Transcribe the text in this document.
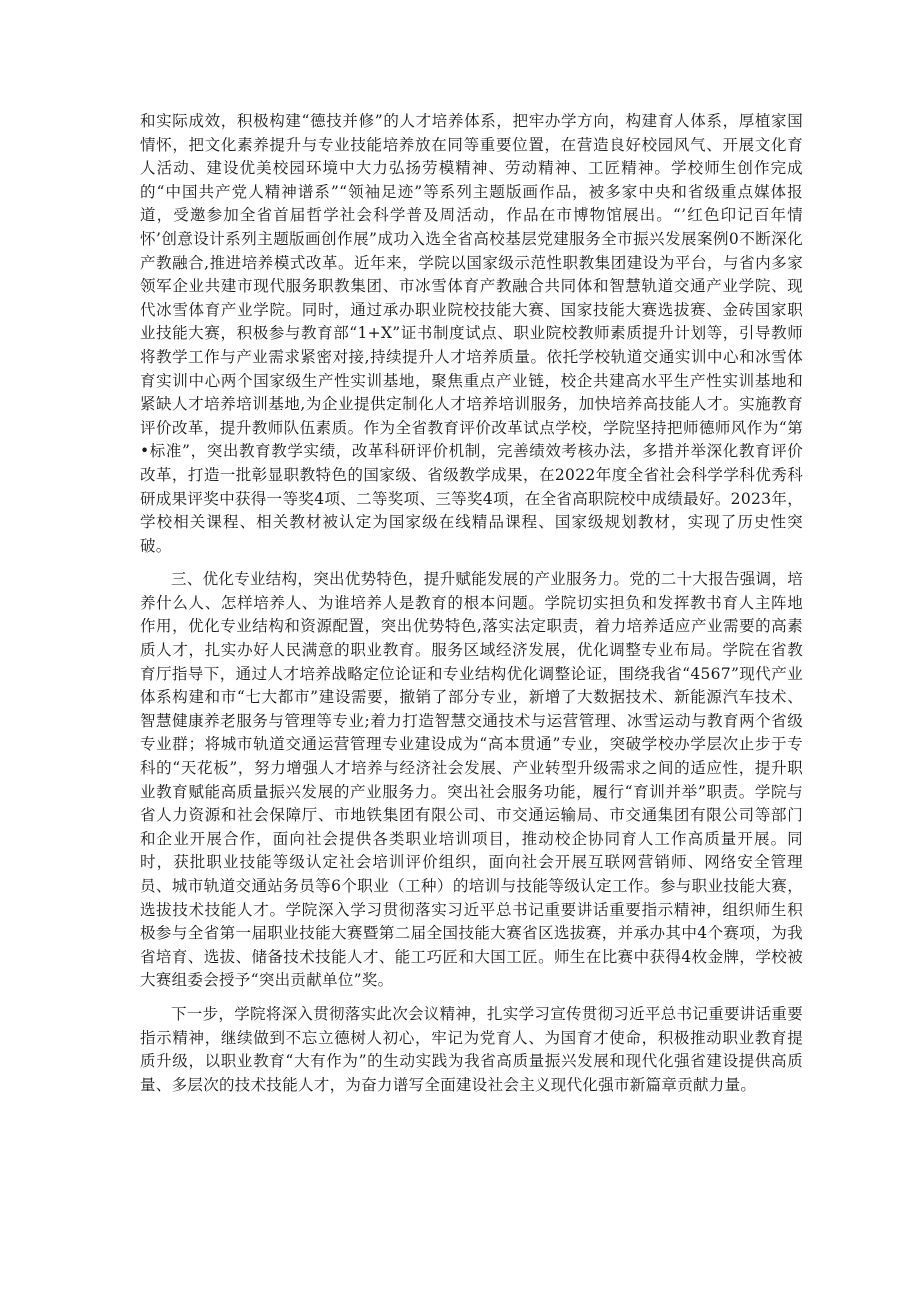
和实际成效，积极构建“德技并修”的人才培养体系，把牢办学方向，构建育人体系，厚植家国情怀，把文化素养提升与专业技能培养放在同等重要位置，在营造良好校园风气、开展文化育人活动、建设优美校园环境中大力弘扬劳模精神、劳动精神、工匠精神。学校师生创作完成的“中国共产党人精神谱系”“领袖足迹”等系列主题版画作品，被多家中央和省级重点媒体报道，受邀参加全省首届哲学社会科学普及周活动，作品在市博物馆展出。“’红色印记百年情怀’创意设计系列主题版画创作展”成功入选全省高校基层党建服务全市振兴发展案例0不断深化产教融合,推进培养模式改革。近年来，学院以国家级示范性职教集团建设为平台，与省内多家领军企业共建市现代服务职教集团、市冰雪体育产教融合共同体和智慧轨道交通产业学院、现代冰雪体育产业学院。同时，通过承办职业院校技能大赛、国家技能大赛选拔赛、金砖国家职业技能大赛，积极参与教育部“1+X”证书制度试点、职业院校教师素质提升计划等，引导教师将教学工作与产业需求紧密对接,持续提升人才培养质量。依托学校轨道交通实训中心和冰雪体育实训中心两个国家级生产性实训基地，聚焦重点产业链，校企共建高水平生产性实训基地和紧缺人才培养培训基地,为企业提供定制化人才培养培训服务，加快培养高技能人才。实施教育评价改革，提升教师队伍素质。作为全省教育评价改革试点学校，学院坚持把师德师风作为“第•标准”，突出教育教学实绩，改革科研评价机制，完善绩效考核办法，多措并举深化教育评价改革，打造一批彰显职教特色的国家级、省级教学成果，在2022年度全省社会科学学科优秀科研成果评奖中获得一等奖4项、二等奖项、三等奖4项，在全省高职院校中成绩最好。2023年，学校相关课程、相关教材被认定为国家级在线精品课程、国家级规划教材，实现了历史性突破。

三、优化专业结构，突出优势特色，提升赋能发展的产业服务力。党的二十大报告强调，培养什么人、怎样培养人、为谁培养人是教育的根本问题。学院切实担负和发挥教书育人主阵地作用，优化专业结构和资源配置，突出优势特色,落实法定职责，着力培养适应产业需要的高素质人才，扎实办好人民满意的职业教育。服务区域经济发展，优化调整专业布局。学院在省教育厅指导下，通过人才培养战略定位论证和专业结构优化调整论证，围绕我省“4567”现代产业体系构建和市“七大都市”建设需要，撤销了部分专业，新增了大数据技术、新能源汽车技术、智慧健康养老服务与管理等专业;着力打造智慧交通技术与运营管理、冰雪运动与教育两个省级专业群；将城市轨道交通运营管理专业建设成为“高本贯通”专业，突破学校办学层次止步于专科的“天花板”，努力增强人才培养与经济社会发展、产业转型升级需求之间的适应性，提升职业教育赋能高质量振兴发展的产业服务力。突出社会服务功能，履行“育训并举”职责。学院与省人力资源和社会保障厅、市地铁集团有限公司、市交通运输局、市交通集团有限公司等部门和企业开展合作，面向社会提供各类职业培训项目，推动校企协同育人工作高质量开展。同时，获批职业技能等级认定社会培训评价组织，面向社会开展互联网营销师、网络安全管理员、城市轨道交通站务员等6个职业（工种）的培训与技能等级认定工作。参与职业技能大赛，选拔技术技能人才。学院深入学习贯彻落实习近平总书记重要讲话重要指示精神，组织师生积极参与全省第一届职业技能大赛暨第二届全国技能大赛省区选拔赛，并承办其中4个赛项，为我省培育、选拔、储备技术技能人才、能工巧匠和大国工匠。师生在比赛中获得4枚金牌，学校被大赛组委会授予“突出贡献单位”奖。

下一步，学院将深入贯彻落实此次会议精神，扎实学习宣传贯彻习近平总书记重要讲话重要指示精神，继续做到不忘立德树人初心，牢记为党育人、为国育才使命，积极推动职业教育提质升级，以职业教育“大有作为”的生动实践为我省高质量振兴发展和现代化强省建设提供高质量、多层次的技术技能人才，为奋力谱写全面建设社会主义现代化强市新篇章贡献力量。
